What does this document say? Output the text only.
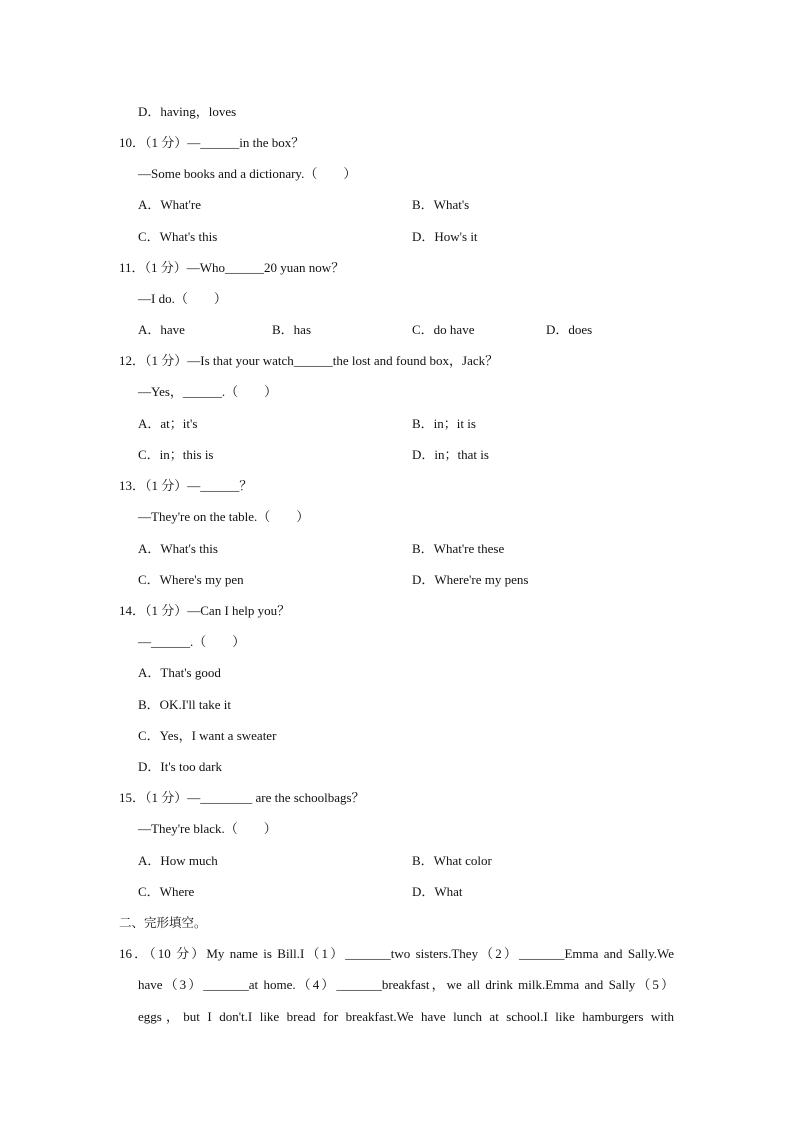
D．having，loves
10．（1 分）—______in the box？
—Some books and a dictionary.（　　）
A．What're	B．What's
C．What's this	D．How's it
11．（1 分）—Who______20 yuan now？
—I do.（　　）
A．have	B．has	C．do have	D．does
12．（1 分）—Is that your watch______the lost and found box，Jack？
—Yes，______.（　　）
A．at；it's	B．in；it is
C．in；this is	D．in；that is
13．（1 分）—______？
—They're on the table.（　　）
A．What's this	B．What're these
C．Where's my pen	D．Where're my pens
14．（1 分）—Can I help you？
—______.（　　）
A．That's good
B．OK.I'll take it
C．Yes，I want a sweater
D．It's too dark
15．（1 分）—________ are the schoolbags？
—They're black.（　　）
A．How much	B．What color
C．Where	D．What
二、完形填空。
16．（10 分）My name is Bill.I（1）_______two sisters.They（2）_______Emma and Sally.We
have（3）_______at home.（4）_______breakfast，we all drink milk.Emma and Sally（5）
eggs，but I don't.I like bread for breakfast.We have lunch at school.I like hamburgers with
